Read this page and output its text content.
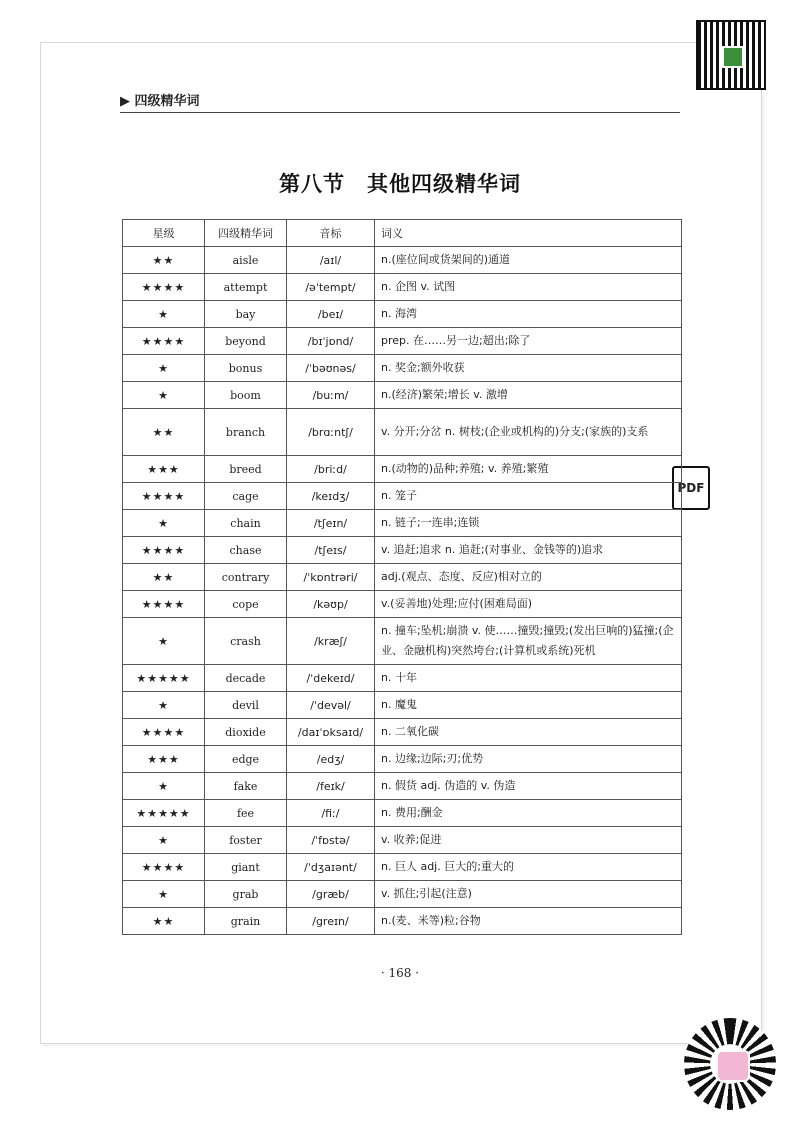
▶ 四级精华词
第八节　其他四级精华词
PDF
星级	四级精华词	音标	词义
★★	aisle	/aɪl/	n.(座位间或货架间的)通道
★★★★	attempt	/əˈtempt/	n. 企图 v. 试图
★	bay	/beɪ/	n. 海湾
★★★★	beyond	/bɪˈjɒnd/	prep. 在……另一边;超出;除了
★	bonus	/ˈbəʊnəs/	n. 奖金;额外收获
★	boom	/buːm/	n.(经济)繁荣;增长 v. 激增
★★	branch	/brɑːntʃ/	v. 分开;分岔 n. 树枝;(企业或机构的)分支;(家族的)支系
★★★	breed	/briːd/	n.(动物的)品种;养殖; v. 养殖;繁殖
★★★★	cage	/keɪdʒ/	n. 笼子
★	chain	/tʃeɪn/	n. 链子;一连串;连锁
★★★★	chase	/tʃeɪs/	v. 追赶;追求 n. 追赶;(对事业、金钱等的)追求
★★	contrary	/ˈkɒntrəri/	adj.(观点、态度、反应)相对立的
★★★★	cope	/kəʊp/	v.(妥善地)处理;应付(困难局面)
★	crash	/kræʃ/	n. 撞车;坠机;崩溃 v. 使……撞毁;撞毁;(发出巨响的)猛撞;(企业、金融机构)突然垮台;(计算机或系统)死机
★★★★★	decade	/ˈdekeɪd/	n. 十年
★	devil	/ˈdevəl/	n. 魔鬼
★★★★	dioxide	/daɪˈɒksaɪd/	n. 二氧化碳
★★★	edge	/edʒ/	n. 边缘;边际;刃;优势
★	fake	/feɪk/	n. 假货 adj. 伪造的 v. 伪造
★★★★★	fee	/fiː/	n. 费用;酬金
★	foster	/ˈfɒstə/	v. 收养;促进
★★★★	giant	/ˈdʒaɪənt/	n. 巨人 adj. 巨大的;重大的
★	grab	/græb/	v. 抓住;引起(注意)
★★	grain	/greɪn/	n.(麦、米等)粒;谷物
· 168 ·
